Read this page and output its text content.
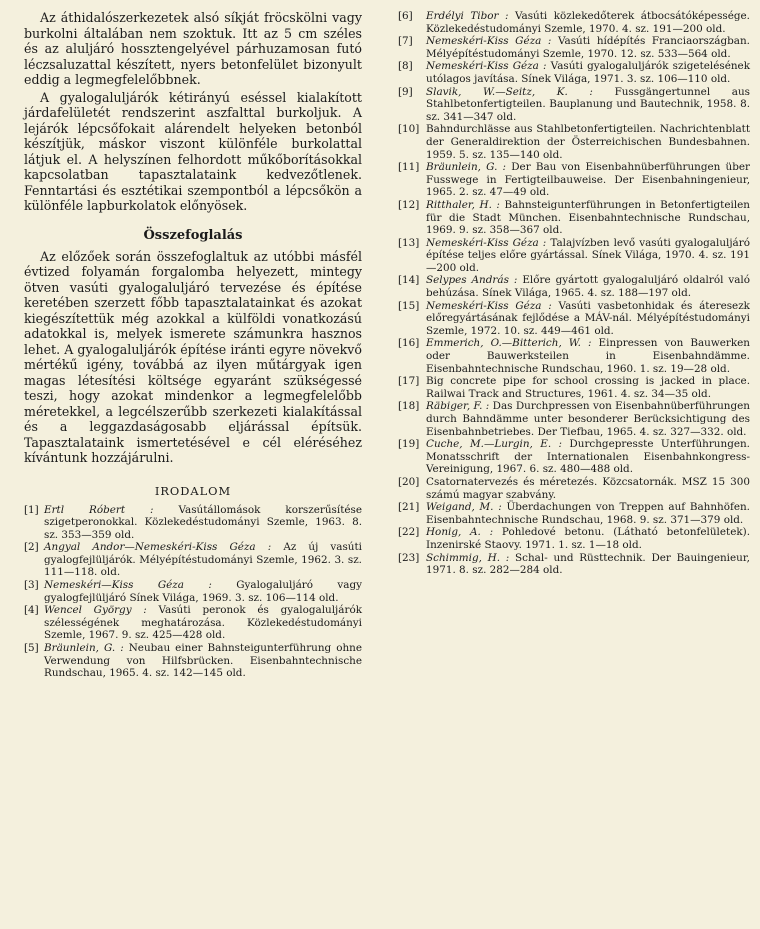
Az áthidalószerkezetek alsó síkját fröcskölni vagy burkolni általában nem szoktuk. Itt az 5 cm széles és az aluljáró hossztengelyével párhuzamosan futó léczsaluzattal készített, nyers betonfelület bizonyult eddig a legmegfelelőbbnek.

A gyalogaluljárók kétirányú eséssel kialakított járdafelületét rendszerint aszfalttal burkoljuk. A lejárók lépcsőfokait alárendelt helyeken betonból készítjük, máskor viszont különféle burkolattal látjuk el. A helyszínen felhordott műkőborításokkal kapcsolatban tapasztalataink kedvezőtlenek. Fenntartási és esztétikai szempontból a lépcsőkön a különféle lapburkolatok előnyösek.

Összefoglalás

Az előzőek során összefoglaltuk az utóbbi másfél évtized folyamán forgalomba helyezett, mintegy ötven vasúti gyalogaluljáró tervezése és építése keretében szerzett főbb tapasztalatainkat és azokat kiegészítettük még azokkal a külföldi vonatkozású adatokkal is, melyek ismerete számunkra hasznos lehet. A gyalogaluljárók építése iránti egyre növekvő mértékű igény, továbbá az ilyen műtárgyak igen magas létesítési költsége egyaránt szükségessé teszi, hogy azokat mindenkor a legmegfelelőbb méretekkel, a legcélszerűbb szerkezeti kialakítással és a leggazdaságosabb eljárással építsük. Tapasztalataink ismertetésével e cél eléréséhez kívántunk hozzájárulni.

IRODALOM
[1] Ertl Róbert : Vasútállomások korszerűsítése szigetperonokkal. Közlekedéstudományi Szemle, 1963. 8. sz. 353—359 old.
[2] Angyal Andor—Nemeskéri-Kiss Géza : Az új vasúti gyalogfejlüljárók. Mélyépítéstudományi Szemle, 1962. 3. sz. 111—118. old.
[3] Nemeskéri—Kiss Géza : Gyalogaluljáró vagy gyalogfejlüljáró Sínek Világa, 1969. 3. sz. 106—114 old.
[4] Wencel György : Vasúti peronok és gyalogaluljárók szélességének meghatározása. Közlekedéstudományi Szemle, 1967. 9. sz. 425—428 old.
[5] Bräunlein, G. : Neubau einer Bahnsteigunterführung ohne Verwendung von Hilfsbrücken. Eisenbahntechnische Rundschau, 1965. 4. sz. 142—145 old.
[6] Erdélyi Tibor : Vasúti közlekedőterek átbocsátóképessége. Közlekedéstudományi Szemle, 1970. 4. sz. 191—200 old.
[7] Nemeskéri-Kiss Géza : Vasúti hídépítés Franciaországban. Mélyépítéstudományi Szemle, 1970. 12. sz. 533—564 old.
[8] Nemeskéri-Kiss Géza : Vasúti gyalogaluljárók szigetelésének utólagos javítása. Sínek Világa, 1971. 3. sz. 106—110 old.
[9] Slavik, W.—Seitz, K. : Fussgängertunnel aus Stahlbetonfertigteilen. Bauplanung und Bautechnik, 1958. 8. sz. 341—347 old.
[10] Bahndurchlässe aus Stahlbetonfertigteilen. Nachrichtenblatt der Generaldirektion der Österreichischen Bundesbahnen. 1959. 5. sz. 135—140 old.
[11] Bräunlein, G. : Der Bau von Eisenbahnüberführungen über Fusswege in Fertigteilbauweise. Der Eisenbahningenieur, 1965. 2. sz. 47—49 old.
[12] Ritthaler, H. : Bahnsteigunterführungen in Betonfertigteilen für die Stadt München. Eisenbahntechnische Rundschau, 1969. 9. sz. 358—367 old.
[13] Nemeskéri-Kiss Géza : Talajvízben levő vasúti gyalogaluljáró építése teljes előre gyártással. Sínek Világa, 1970. 4. sz. 191—200 old.
[14] Selypes András : Előre gyártott gyalogaluljáró oldalról való behúzása. Sínek Világa, 1965. 4. sz. 188—197 old.
[15] Nemeskéri-Kiss Géza : Vasúti vasbetonhidak és áteresezk előregyártásának fejlődése a MÁV-nál. Mélyépítéstudományi Szemle, 1972. 10. sz. 449—461 old.
[16] Emmerich, O.—Bitterich, W. : Einpressen von Bauwerken oder Bauwerksteilen in Eisenbahndämme. Eisenbahntechnische Rundschau, 1960. 1. sz. 19—28 old.
[17] Big concrete pipe for school crossing is jacked in place. Railwai Track and Structures, 1961. 4. sz. 34—35 old.
[18] Räbiger, F. : Das Durchpressen von Eisenbahnüberführungen durch Bahndämme unter besonderer Berücksichtigung des Eisenbahnbetriebes. Der Tiefbau, 1965. 4. sz. 327—332. old.
[19] Cuche, M.—Lurgin, E. : Durchgepresste Unterführungen. Monatsschrift der Internationalen Eisenbahnkongress-Vereinigung, 1967. 6. sz. 480—488 old.
[20] Csatornatervezés és méretezés. Közcsatornák. MSZ 15 300 számú magyar szabvány.
[21] Weigand, M. : Überdachungen von Treppen auf Bahnhöfen. Eisenbahntechnische Rundschau, 1968. 9. sz. 371—379 old.
[22] Honig, A. : Pohledové betonu. (Látható betonfelületek). Inzenirské Staovy. 1971. 1. sz. 1—18 old.
[23] Schimmig, H. : Schal- und Rüsttechnik. Der Bauingenieur, 1971. 8. sz. 282—284 old.
